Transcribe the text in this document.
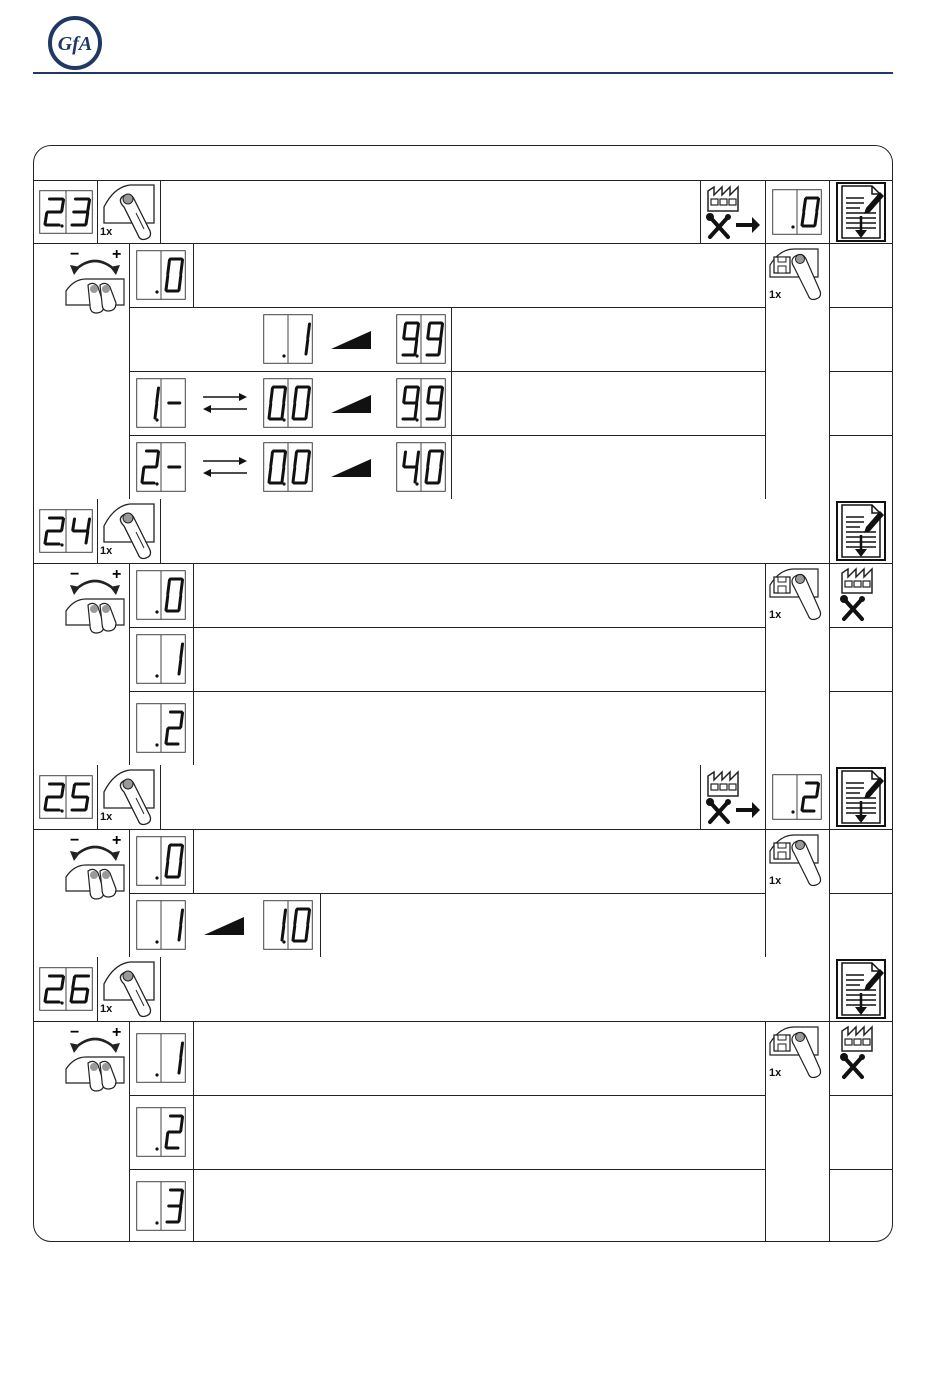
GfA
1x
− +
1x
1x
− +
1x
1x
− +
1x
1x
− +
1x
